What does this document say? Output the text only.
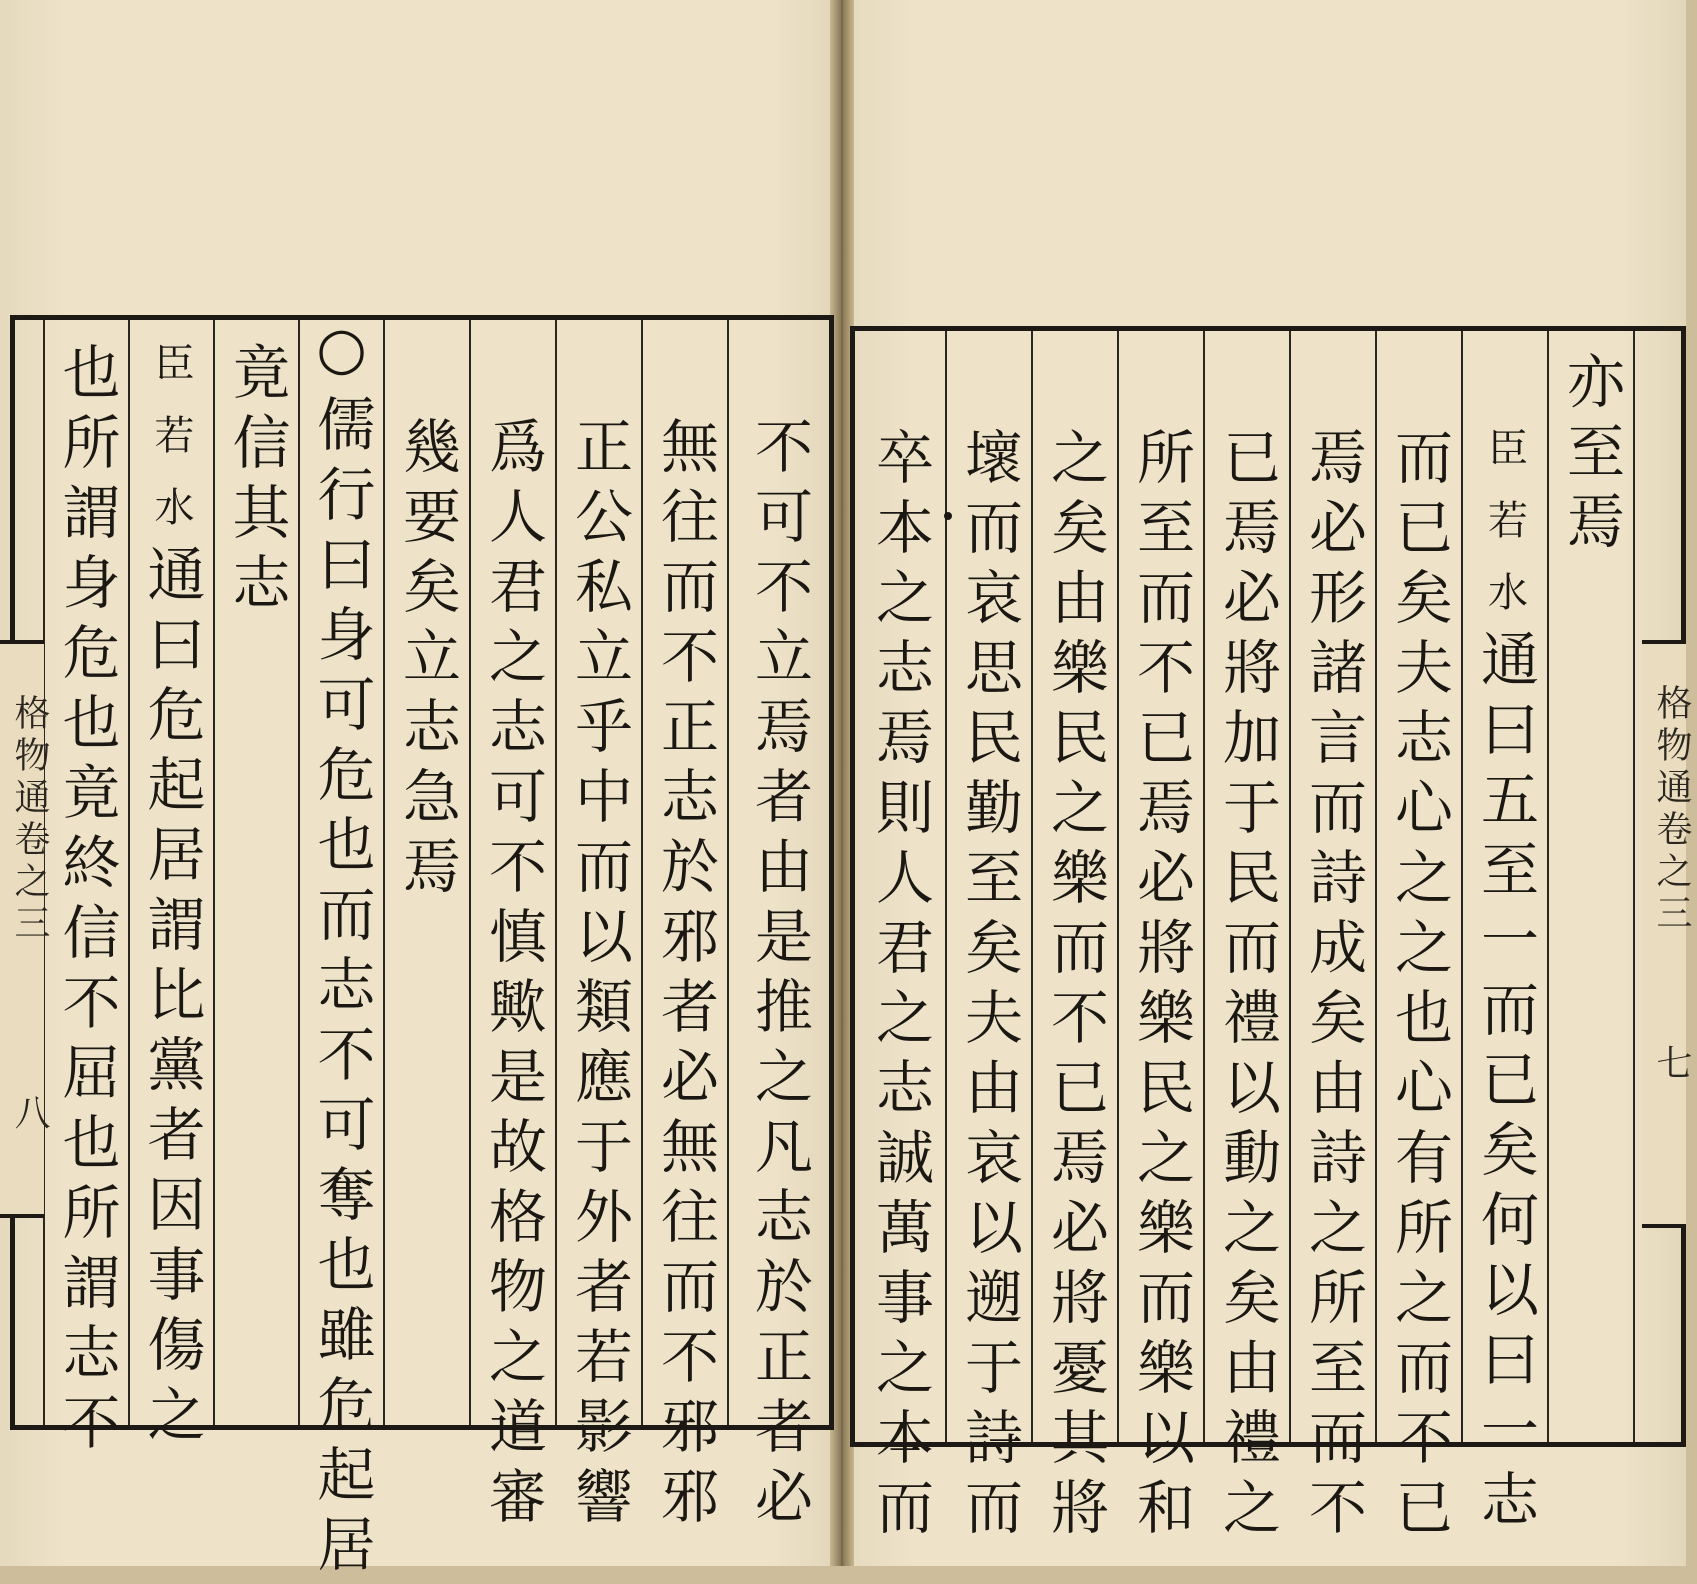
也所謂身危也竟終信不屈也所謂志不 臣若水
通曰危起居謂比黨者因事傷之
竟信其志 ○儒行曰身可危也而志不可奪也雖危起居 幾要矣立志急焉 爲人君之志可不慎歟是故格物之道審 正公私立乎中而以類應于外者若影響 無往而不正志於邪者必無往而不邪邪 不可不立焉者由是推之凡志於正者必
格物通卷之三
八	卒本之志焉則人君之志誠萬事之本而 壞而哀思民勤至矣夫由哀以遡于詩而 之矣由樂民之樂而不已焉必將憂其將 所至而不已焉必將樂民之樂而樂以和 已焉必將加于民而禮以動之矣由禮之 焉必形諸言而詩成矣由詩之所至而不 而已矣夫志心之之也心有所之而不已 臣若水
通曰五至一而已矣何以曰一志
亦至焉
格物通卷之三
七
